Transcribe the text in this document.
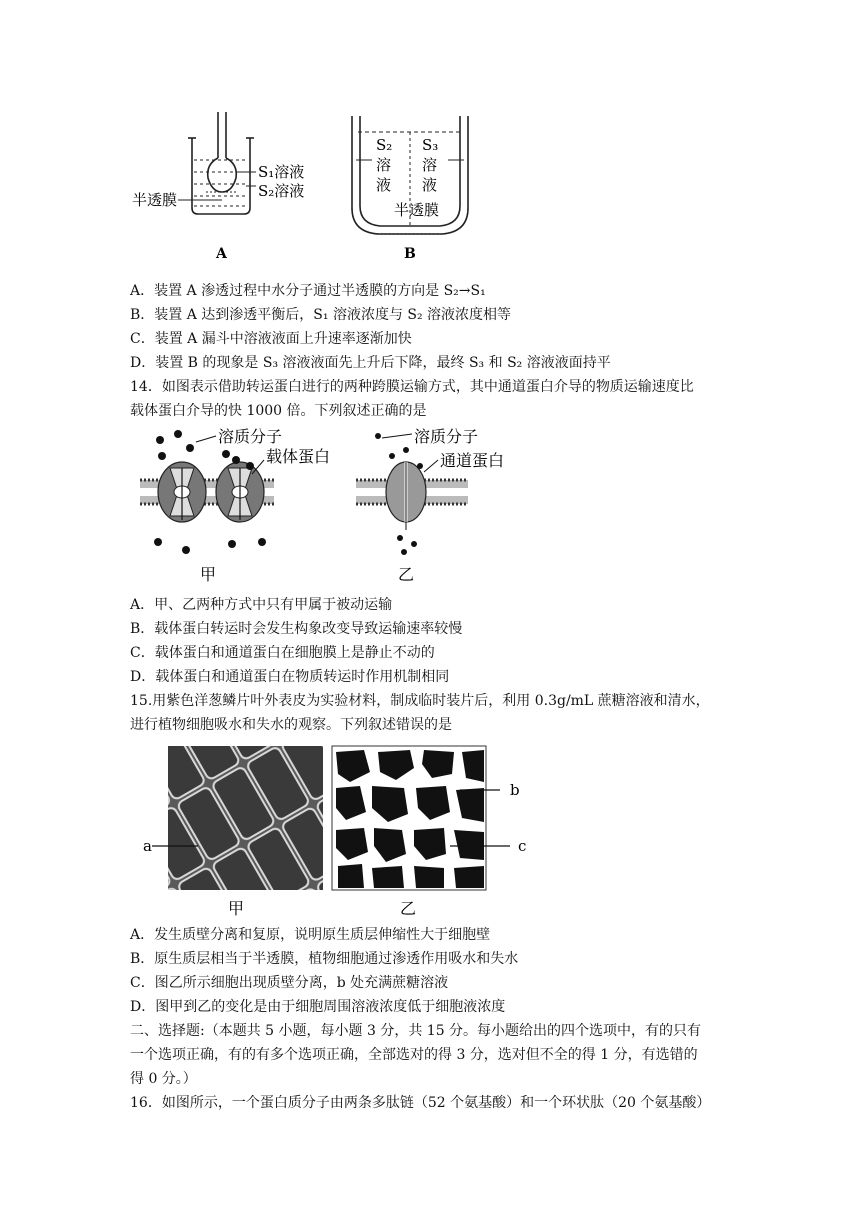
S₁溶液
S₂溶液
半透膜
A
S₂
溶
液
S₃
溶
液
半透膜
B
A．装置 A 渗透过程中水分子通过半透膜的方向是 S₂→S₁
B．装置 A 达到渗透平衡后，S₁ 溶液浓度与 S₂ 溶液浓度相等
C．装置 A 漏斗中溶液液面上升速率逐渐加快
D．装置 B 的现象是 S₃ 溶液液面先上升后下降，最终 S₃ 和 S₂ 溶液液面持平
14．如图表示借助转运蛋白进行的两种跨膜运输方式，其中通道蛋白介导的物质运输速度比
载体蛋白介导的快 1000 倍。下列叙述正确的是
溶质分子
载体蛋白
甲
溶质分子
通道蛋白
乙
A．甲、乙两种方式中只有甲属于被动运输
B．载体蛋白转运时会发生构象改变导致运输速率较慢
C．载体蛋白和通道蛋白在细胞膜上是静止不动的
D．载体蛋白和通道蛋白在物质转运时作用机制相同
15.用紫色洋葱鳞片叶外表皮为实验材料，制成临时装片后，利用 0.3g/mL 蔗糖溶液和清水，
进行植物细胞吸水和失水的观察。下列叙述错误的是
a
甲
b
c
乙
A．发生质壁分离和复原，说明原生质层伸缩性大于细胞壁
B．原生质层相当于半透膜，植物细胞通过渗透作用吸水和失水
C．图乙所示细胞出现质壁分离，b 处充满蔗糖溶液
D．图甲到乙的变化是由于细胞周围溶液浓度低于细胞液浓度
二、选择题:（本题共 5 小题，每小题 3 分，共 15 分。每小题给出的四个选项中，有的只有
一个选项正确，有的有多个选项正确，全部选对的得 3 分，选对但不全的得 1 分，有选错的
得 0 分。）
16．如图所示，一个蛋白质分子由两条多肽链（52 个氨基酸）和一个环状肽（20 个氨基酸）
